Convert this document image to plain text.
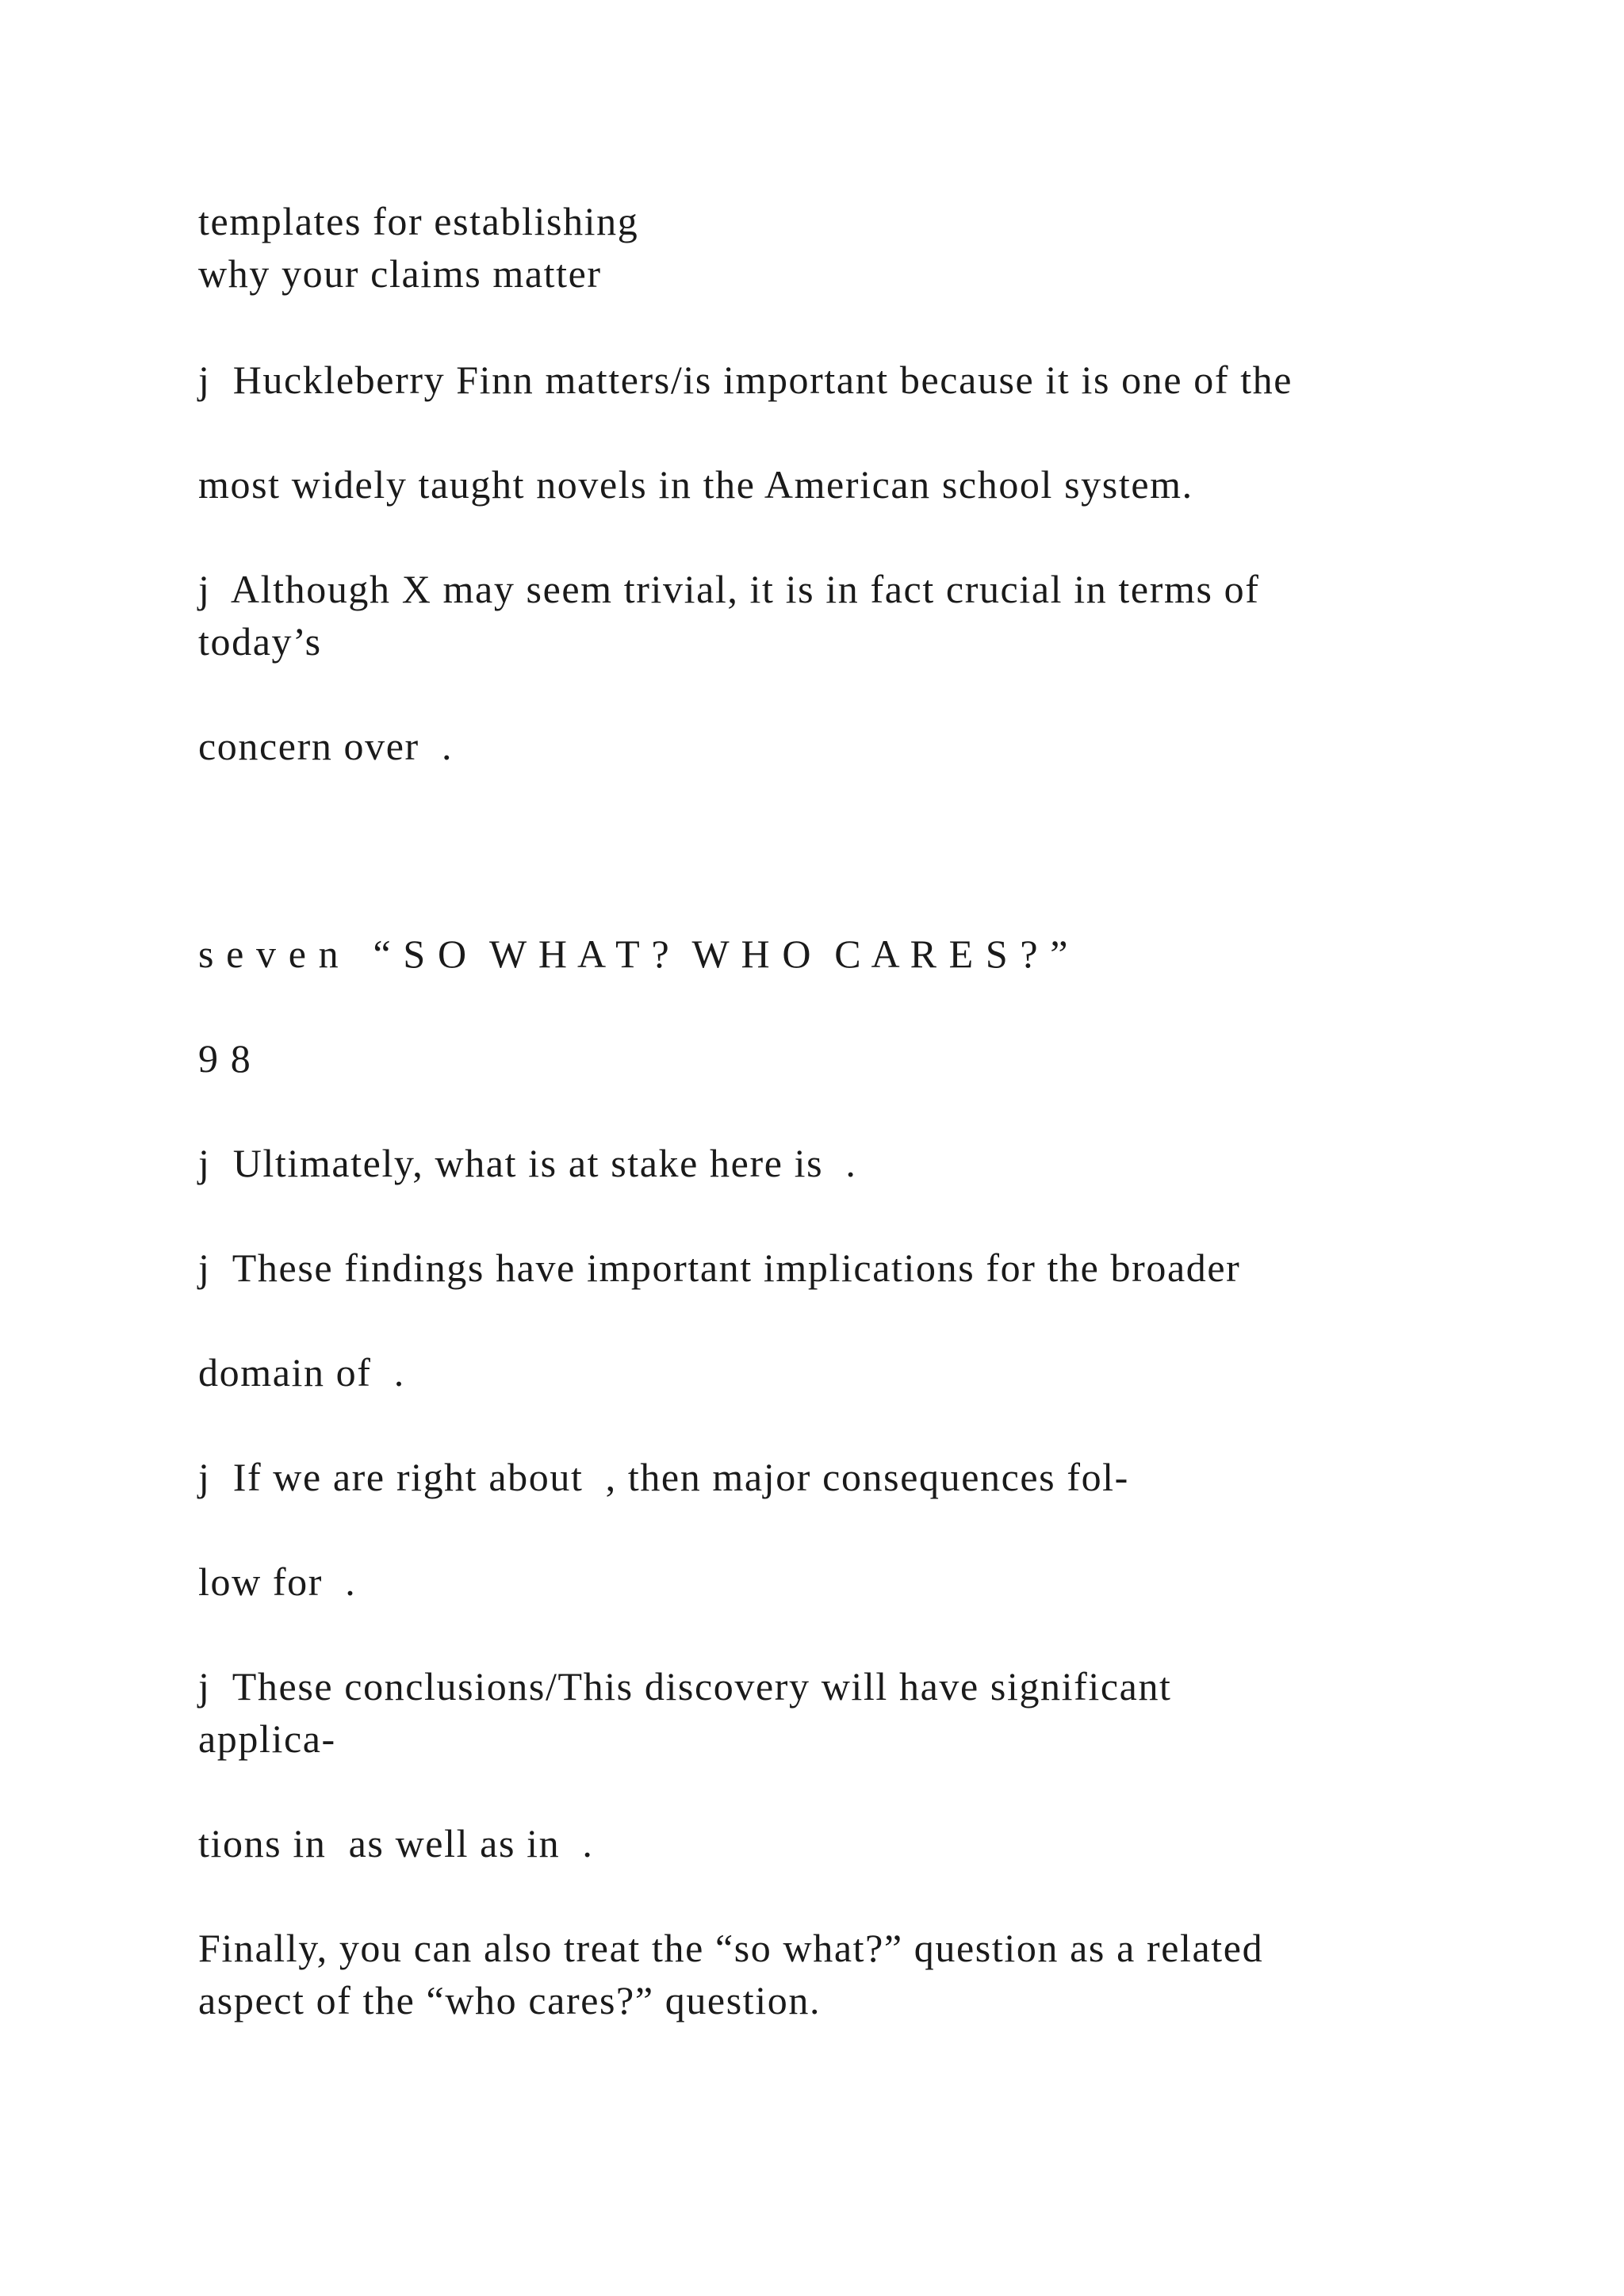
templates for establishing

why your claims matter

j  Huckleberry Finn matters/is important because it is one of the

most widely taught novels in the American school system.

j  Although X may seem trivial, it is in fact crucial in terms of

today’s

concern over  .

s e v e n   “ S O  W H A T ?  W H O  C A R E S ? ”

9 8

j  Ultimately, what is at stake here is  .

j  These findings have important implications for the broader

domain of  .

j  If we are right about  , then major consequences fol-

low for  .

j  These conclusions/This discovery will have significant

applica-

tions in  as well as in  .

Finally, you can also treat the “so what?” question as a related

aspect of the “who cares?” question.
